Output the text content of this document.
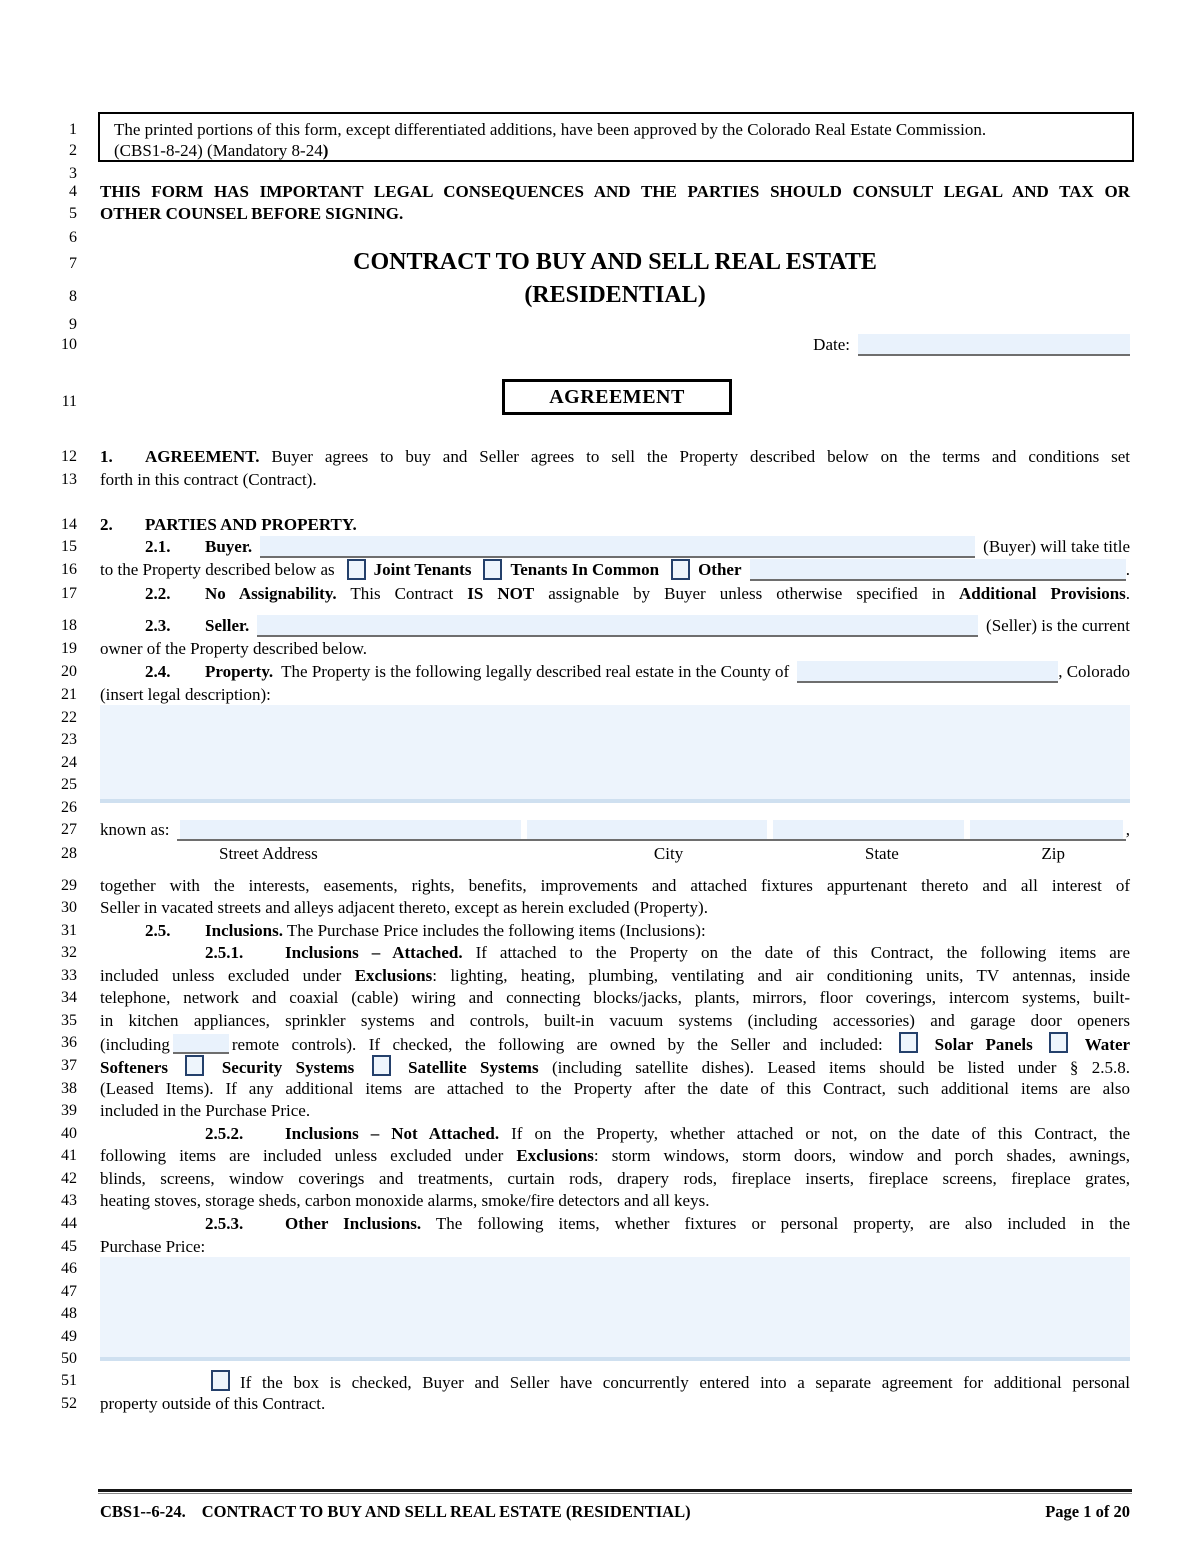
1	The printed portions of this form, except differentiated additions, have been approved by the Colorado Real Estate Commission.
2	(CBS1-8-24) (Mandatory 8-24)
3
4 THIS FORM HAS IMPORTANT LEGAL CONSEQUENCES AND THE PARTIES SHOULD CONSULT LEGAL AND TAX OR
5 OTHER COUNSEL BEFORE SIGNING.
6
7	CONTRACT TO BUY AND SELL REAL ESTATE
8	(RESIDENTIAL)
9
10	Date:
11	AGREEMENT
12 1. AGREEMENT. Buyer agrees to buy and Seller agrees to sell the Property described below on the terms and conditions set
13 forth in this contract (Contract).
14 2. PARTIES AND PROPERTY.
15	2.1.	Buyer.	(Buyer) will take title
16 to the Property described below as Joint Tenants Tenants In Common Other	.
17	2.2. No Assignability. This Contract IS NOT assignable by Buyer unless otherwise specified in Additional Provisions.
18	2.3.	Seller.	(Seller) is the current
19 owner of the Property described below.
20	2.4.	Property. The Property is the following legally described real estate in the County of	, Colorado
21 (insert legal description):
22
23
24
25
26
27 known as:	,
28	Street Address	City	State	Zip
29 together with the interests, easements, rights, benefits, improvements and attached fixtures appurtenant thereto and all interest of
30 Seller in vacated streets and alleys adjacent thereto, except as herein excluded (Property).
31	2.5. Inclusions. The Purchase Price includes the following items (Inclusions):
32	2.5.1. Inclusions – Attached. If attached to the Property on the date of this Contract, the following items are
33 included unless excluded under Exclusions: lighting, heating, plumbing, ventilating and air conditioning units, TV antennas, inside
34 telephone, network and coaxial (cable) wiring and connecting blocks/jacks, plants, mirrors, floor coverings, intercom systems, built-
35 in kitchen appliances, sprinkler systems and controls, built-in vacuum systems (including accessories) and garage door openers
36 (including	remote controls). If checked, the following are owned by the Seller and included:	Solar Panels	Water
37 Softeners	Security Systems	Satellite Systems (including satellite dishes). Leased items should be listed under § 2.5.8.
38 (Leased Items). If any additional items are attached to the Property after the date of this Contract, such additional items are also
39 included in the Purchase Price.
40	2.5.2. Inclusions – Not Attached. If on the Property, whether attached or not, on the date of this Contract, the
41 following items are included unless excluded under Exclusions: storm windows, storm doors, window and porch shades, awnings,
42 blinds, screens, window coverings and treatments, curtain rods, drapery rods, fireplace inserts, fireplace screens, fireplace grates,
43 heating stoves, storage sheds, carbon monoxide alarms, smoke/fire detectors and all keys.
44	2.5.3. Other Inclusions. The following items, whether fixtures or personal property, are also included in the
45 Purchase Price:
46
47
48
49
50
51	If the box is checked, Buyer and Seller have concurrently entered into a separate agreement for additional personal
52 property outside of this Contract.
CBS1--6-24. CONTRACT TO BUY AND SELL REAL ESTATE (RESIDENTIAL)	Page 1 of 20
